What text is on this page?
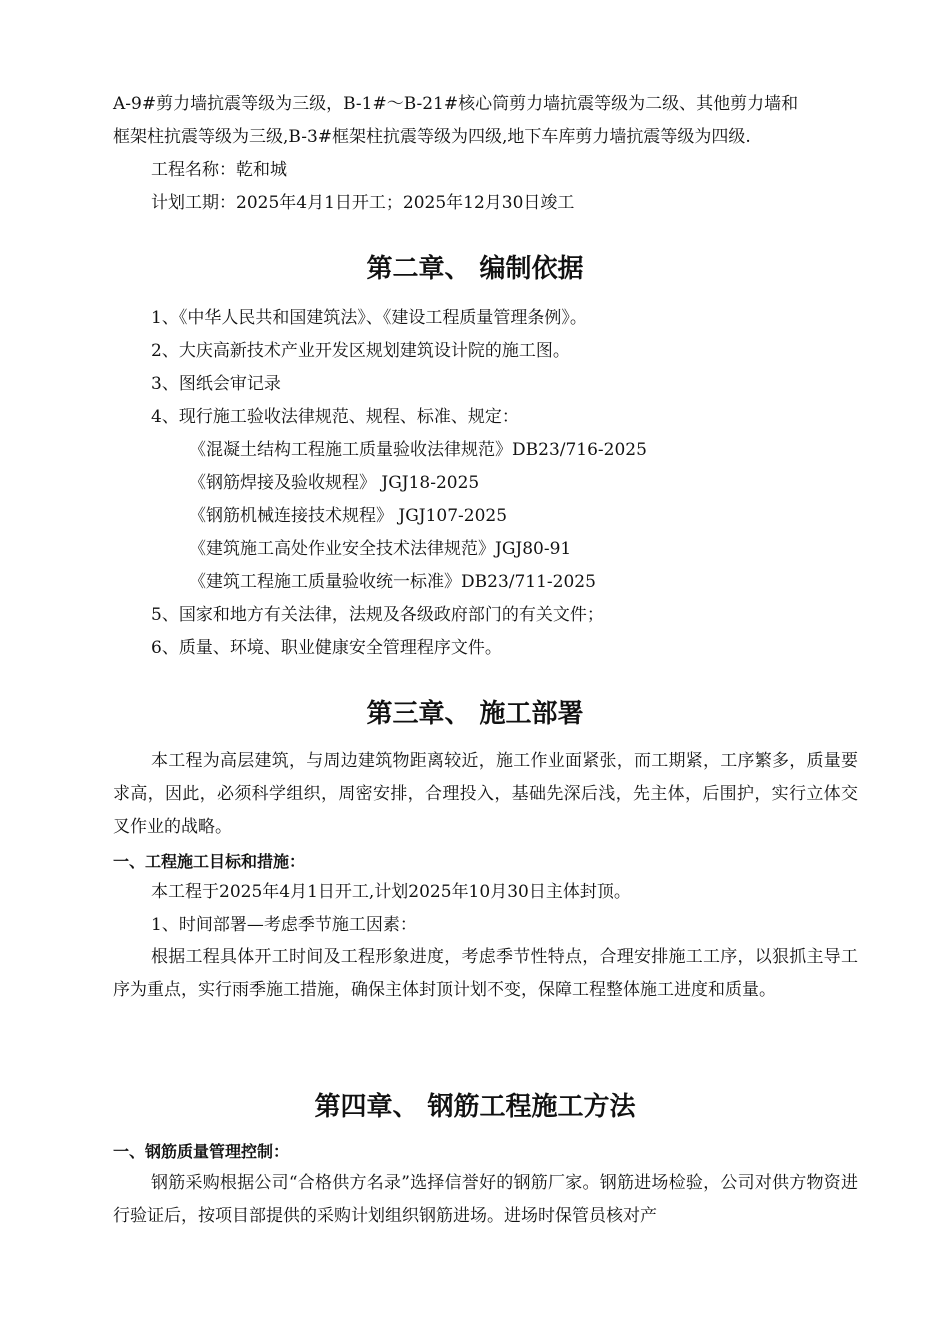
A-9#剪力墙抗震等级为三级，B-1#～B-21#核心筒剪力墙抗震等级为二级、其他剪力墙和
框架柱抗震等级为三级,B-3#框架柱抗震等级为四级,地下车库剪力墙抗震等级为四级.
工程名称：乾和城
计划工期：2025年4月1日开工；2025年12月30日竣工
第二章、 编制依据
1、《中华人民共和国建筑法》、《建设工程质量管理条例》。
2、大庆高新技术产业开发区规划建筑设计院的施工图。
3、图纸会审记录
4、现行施工验收法律规范、规程、标准、规定：
《混凝土结构工程施工质量验收法律规范》DB23/716-2025
《钢筋焊接及验收规程》 JGJ18-2025
《钢筋机械连接技术规程》 JGJ107-2025
《建筑施工高处作业安全技术法律规范》JGJ80-91
《建筑工程施工质量验收统一标准》DB23/711-2025
5、国家和地方有关法律，法规及各级政府部门的有关文件；
6、质量、环境、职业健康安全管理程序文件。
第三章、 施工部署
本工程为高层建筑，与周边建筑物距离较近，施工作业面紧张，而工期紧，工序繁多，质量要求高，因此，必须科学组织，周密安排，合理投入，基础先深后浅，先主体，后围护，实行立体交叉作业的战略。
一、工程施工目标和措施：
本工程于2025年4月1日开工,计划2025年10月30日主体封顶。
1、时间部署—考虑季节施工因素：
根据工程具体开工时间及工程形象进度，考虑季节性特点，合理安排施工工序，以狠抓主导工序为重点，实行雨季施工措施，确保主体封顶计划不变，保障工程整体施工进度和质量。
第四章、 钢筋工程施工方法
一、钢筋质量管理控制：
钢筋采购根据公司“合格供方名录”选择信誉好的钢筋厂家。钢筋进场检验，公司对供方物资进行验证后，按项目部提供的采购计划组织钢筋进场。进场时保管员核对产
